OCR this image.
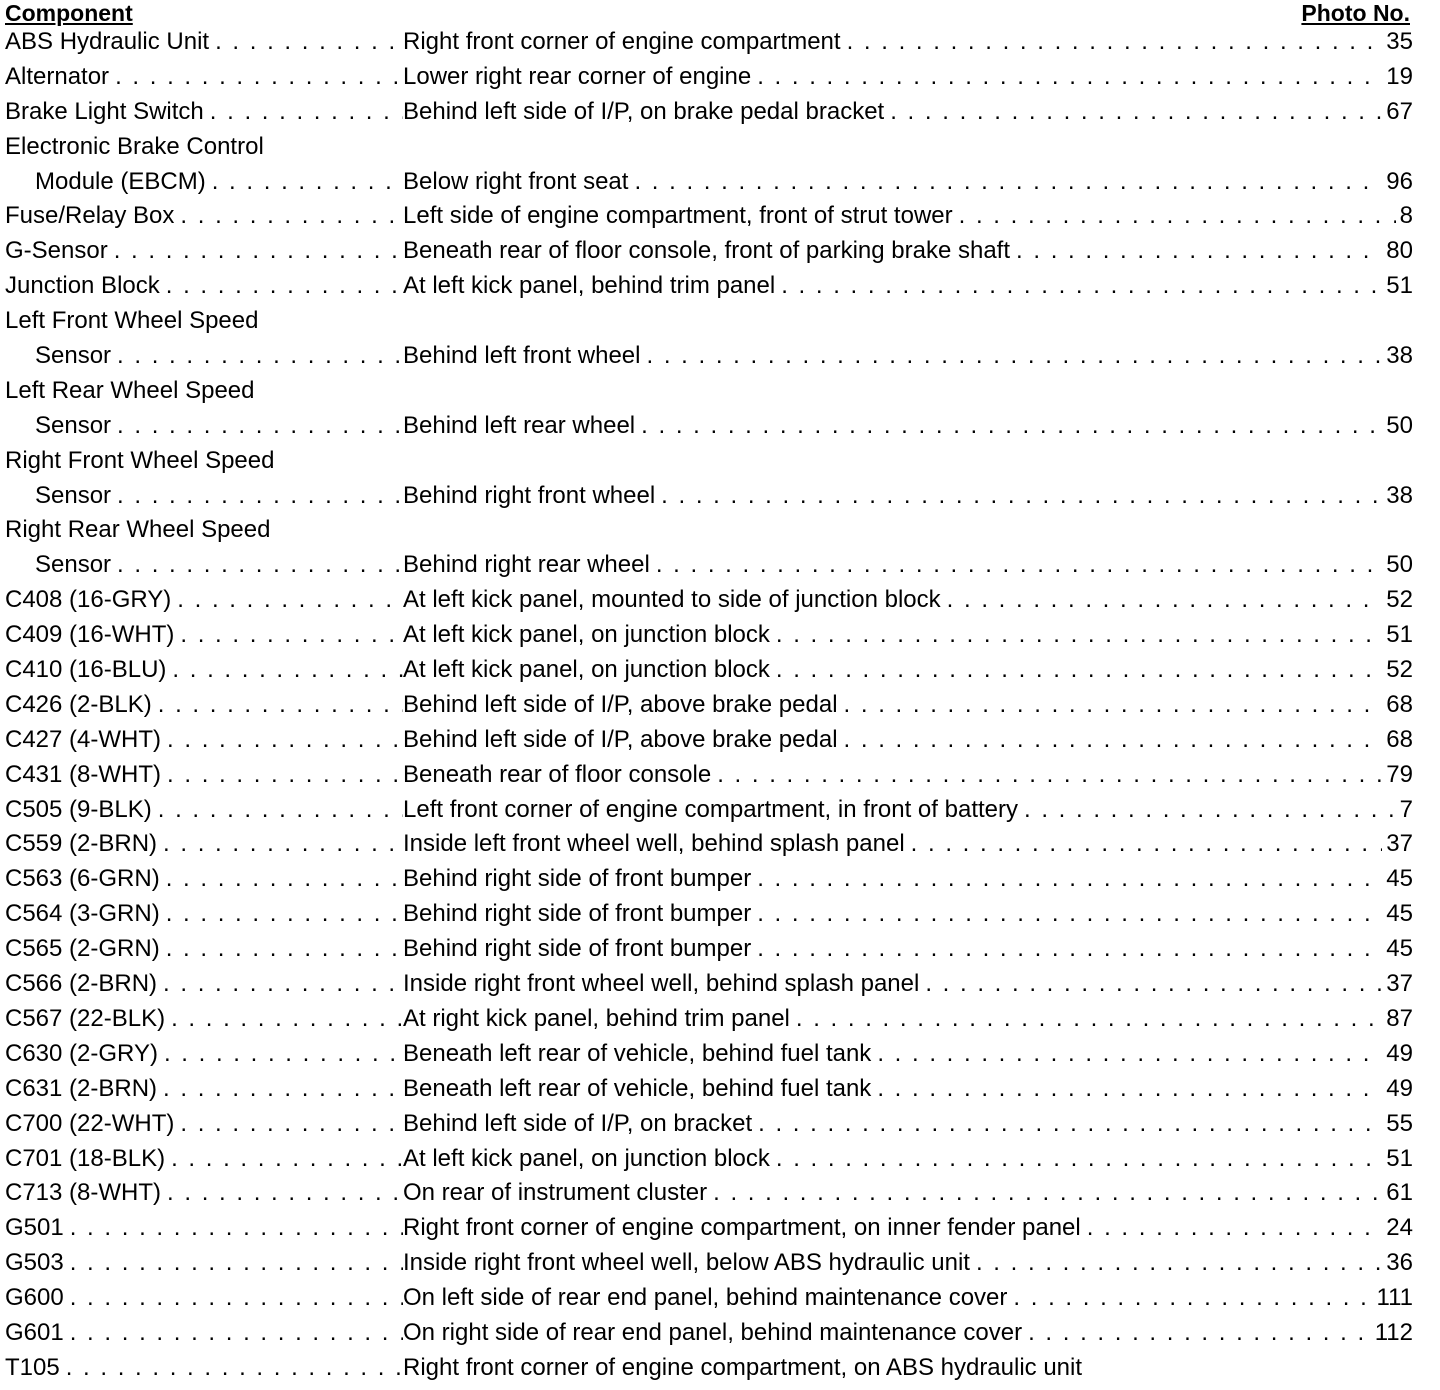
Component	Photo No.
ABS Hydraulic Unit . . .	Right front corner of engine compartment . . .	35
Alternator . . .	Lower right rear corner of engine . . .	19
Brake Light Switch . . .	Behind left side of I/P, on brake pedal bracket . . .	67
Electronic Brake Control
Module (EBCM) . . .	Below right front seat . . .	96
Fuse/Relay Box . . .	Left side of engine compartment, front of strut tower . . .	8
G-Sensor . . .	Beneath rear of floor console, front of parking brake shaft . . .	80
Junction Block . . .	At left kick panel, behind trim panel . . .	51
Left Front Wheel Speed
Sensor . . .	Behind left front wheel . . .	38
Left Rear Wheel Speed
Sensor . . .	Behind left rear wheel . . .	50
Right Front Wheel Speed
Sensor . . .	Behind right front wheel . . .	38
Right Rear Wheel Speed
Sensor . . .	Behind right rear wheel . . .	50
C408 (16-GRY) . . .	At left kick panel, mounted to side of junction block . . .	52
C409 (16-WHT) . . .	At left kick panel, on junction block . . .	51
C410 (16-BLU) . . .	At left kick panel, on junction block . . .	52
C426 (2-BLK) . . .	Behind left side of I/P, above brake pedal . . .	68
C427 (4-WHT) . . .	Behind left side of I/P, above brake pedal . . .	68
C431 (8-WHT) . . .	Beneath rear of floor console . . .	79
C505 (9-BLK) . . .	Left front corner of engine compartment, in front of battery . . .	7
C559 (2-BRN) . . .	Inside left front wheel well, behind splash panel . . .	37
C563 (6-GRN) . . .	Behind right side of front bumper . . .	45
C564 (3-GRN) . . .	Behind right side of front bumper . . .	45
C565 (2-GRN) . . .	Behind right side of front bumper . . .	45
C566 (2-BRN) . . .	Inside right front wheel well, behind splash panel . . .	37
C567 (22-BLK) . . .	At right kick panel, behind trim panel . . .	87
C630 (2-GRY) . . .	Beneath left rear of vehicle, behind fuel tank . . .	49
C631 (2-BRN) . . .	Beneath left rear of vehicle, behind fuel tank . . .	49
C700 (22-WHT) . . .	Behind left side of I/P, on bracket . . .	55
C701 (18-BLK) . . .	At left kick panel, on junction block . . .	51
C713 (8-WHT) . . .	On rear of instrument cluster . . .	61
G501 . . .	Right front corner of engine compartment, on inner fender panel . . .	24
G503 . . .	Inside right front wheel well, below ABS hydraulic unit . . .	36
G600 . . .	On left side of rear end panel, behind maintenance cover . . .	111
G601 . . .	On right side of rear end panel, behind maintenance cover . . .	112
T105 . . .	Right front corner of engine compartment, on ABS hydraulic unit
